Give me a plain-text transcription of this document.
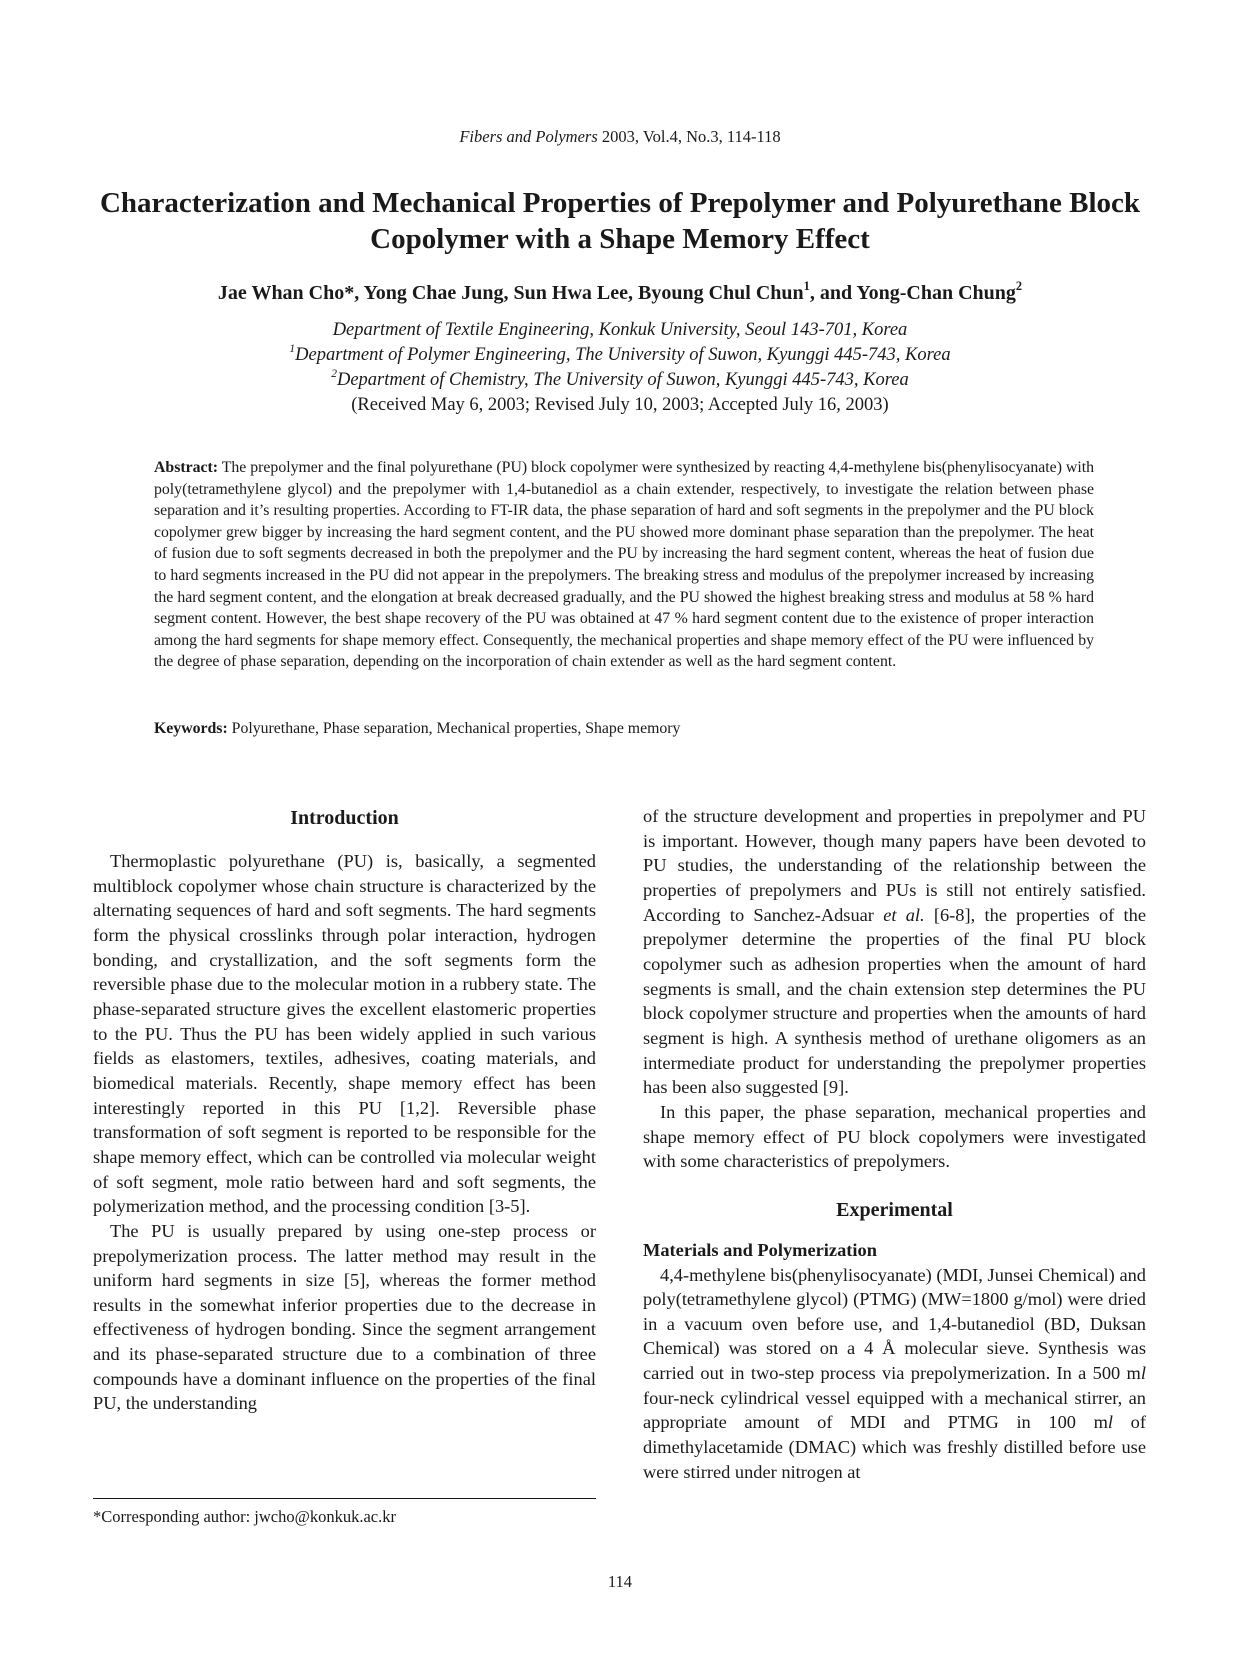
Fibers and Polymers 2003, Vol.4, No.3, 114-118
Characterization and Mechanical Properties of Prepolymer and Polyurethane Block Copolymer with a Shape Memory Effect
Jae Whan Cho*, Yong Chae Jung, Sun Hwa Lee, Byoung Chul Chun$^1$, and Yong-Chan Chung$^2$
Department of Textile Engineering, Konkuk University, Seoul 143-701, Korea
$^1$Department of Polymer Engineering, The University of Suwon, Kyunggi 445-743, Korea
$^2$Department of Chemistry, The University of Suwon, Kyunggi 445-743, Korea
(Received May 6, 2003; Revised July 10, 2003; Accepted July 16, 2003)

Abstract: The prepolymer and the final polyurethane (PU) block copolymer were synthesized by reacting 4,4-methylene bis(phenylisocyanate) with poly(tetramethylene glycol) and the prepolymer with 1,4-butanediol as a chain extender, respectively, to investigate the relation between phase separation and it’s resulting properties. According to FT-IR data, the phase separation of hard and soft segments in the prepolymer and the PU block copolymer grew bigger by increasing the hard segment content, and the PU showed more dominant phase separation than the prepolymer. The heat of fusion due to soft segments decreased in both the prepolymer and the PU by increasing the hard segment content, whereas the heat of fusion due to hard segments increased in the PU did not appear in the prepolymers. The breaking stress and modulus of the prepolymer increased by increasing the hard segment content, and the elongation at break decreased gradually, and the PU showed the highest breaking stress and modulus at 58 % hard segment content. However, the best shape recovery of the PU was obtained at 47 % hard segment content due to the existence of proper interaction among the hard segments for shape memory effect. Consequently, the mechanical properties and shape memory effect of the PU were influenced by the degree of phase separation, depending on the incorporation of chain extender as well as the hard segment content.

Keywords: Polyurethane, Phase separation, Mechanical properties, Shape memory

Introduction

Thermoplastic polyurethane (PU) is, basically, a segmented multiblock copolymer whose chain structure is characterized by the alternating sequences of hard and soft segments. The hard segments form the physical crosslinks through polar interaction, hydrogen bonding, and crystallization, and the soft segments form the reversible phase due to the molecular motion in a rubbery state. The phase-separated structure gives the excellent elastomeric properties to the PU. Thus the PU has been widely applied in such various fields as elastomers, textiles, adhesives, coating materials, and biomedical materials. Recently, shape memory effect has been interestingly reported in this PU [1,2]. Reversible phase transformation of soft segment is reported to be responsible for the shape memory effect, which can be controlled via molecular weight of soft segment, mole ratio between hard and soft segments, the polymerization method, and the processing condition [3-5].

The PU is usually prepared by using one-step process or prepolymerization process. The latter method may result in the uniform hard segments in size [5], whereas the former method results in the somewhat inferior properties due to the decrease in effectiveness of hydrogen bonding. Since the segment arrangement and its phase-separated structure due to a combination of three compounds have a dominant influence on the properties of the final PU, the understanding

of the structure development and properties in prepolymer and PU is important. However, though many papers have been devoted to PU studies, the understanding of the relationship between the properties of prepolymers and PUs is still not entirely satisfied. According to Sanchez-Adsuar et al. [6-8], the properties of the prepolymer determine the properties of the final PU block copolymer such as adhesion properties when the amount of hard segments is small, and the chain extension step determines the PU block copolymer structure and properties when the amounts of hard segment is high. A synthesis method of urethane oligomers as an intermediate product for understanding the prepolymer properties has been also suggested [9].

In this paper, the phase separation, mechanical properties and shape memory effect of PU block copolymers were investigated with some characteristics of prepolymers.

Experimental
Materials and Polymerization

4,4-methylene bis(phenylisocyanate) (MDI, Junsei Chemical) and poly(tetramethylene glycol) (PTMG) (MW=1800 g/mol) were dried in a vacuum oven before use, and 1,4-butanediol (BD, Duksan Chemical) was stored on a 4 Å molecular sieve. Synthesis was carried out in two-step process via prepolymerization. In a 500 ml four-neck cylindrical vessel equipped with a mechanical stirrer, an appropriate amount of MDI and PTMG in 100 ml of dimethylacetamide (DMAC) which was freshly distilled before use were stirred under nitrogen at

*Corresponding author: jwcho@konkuk.ac.kr
114
